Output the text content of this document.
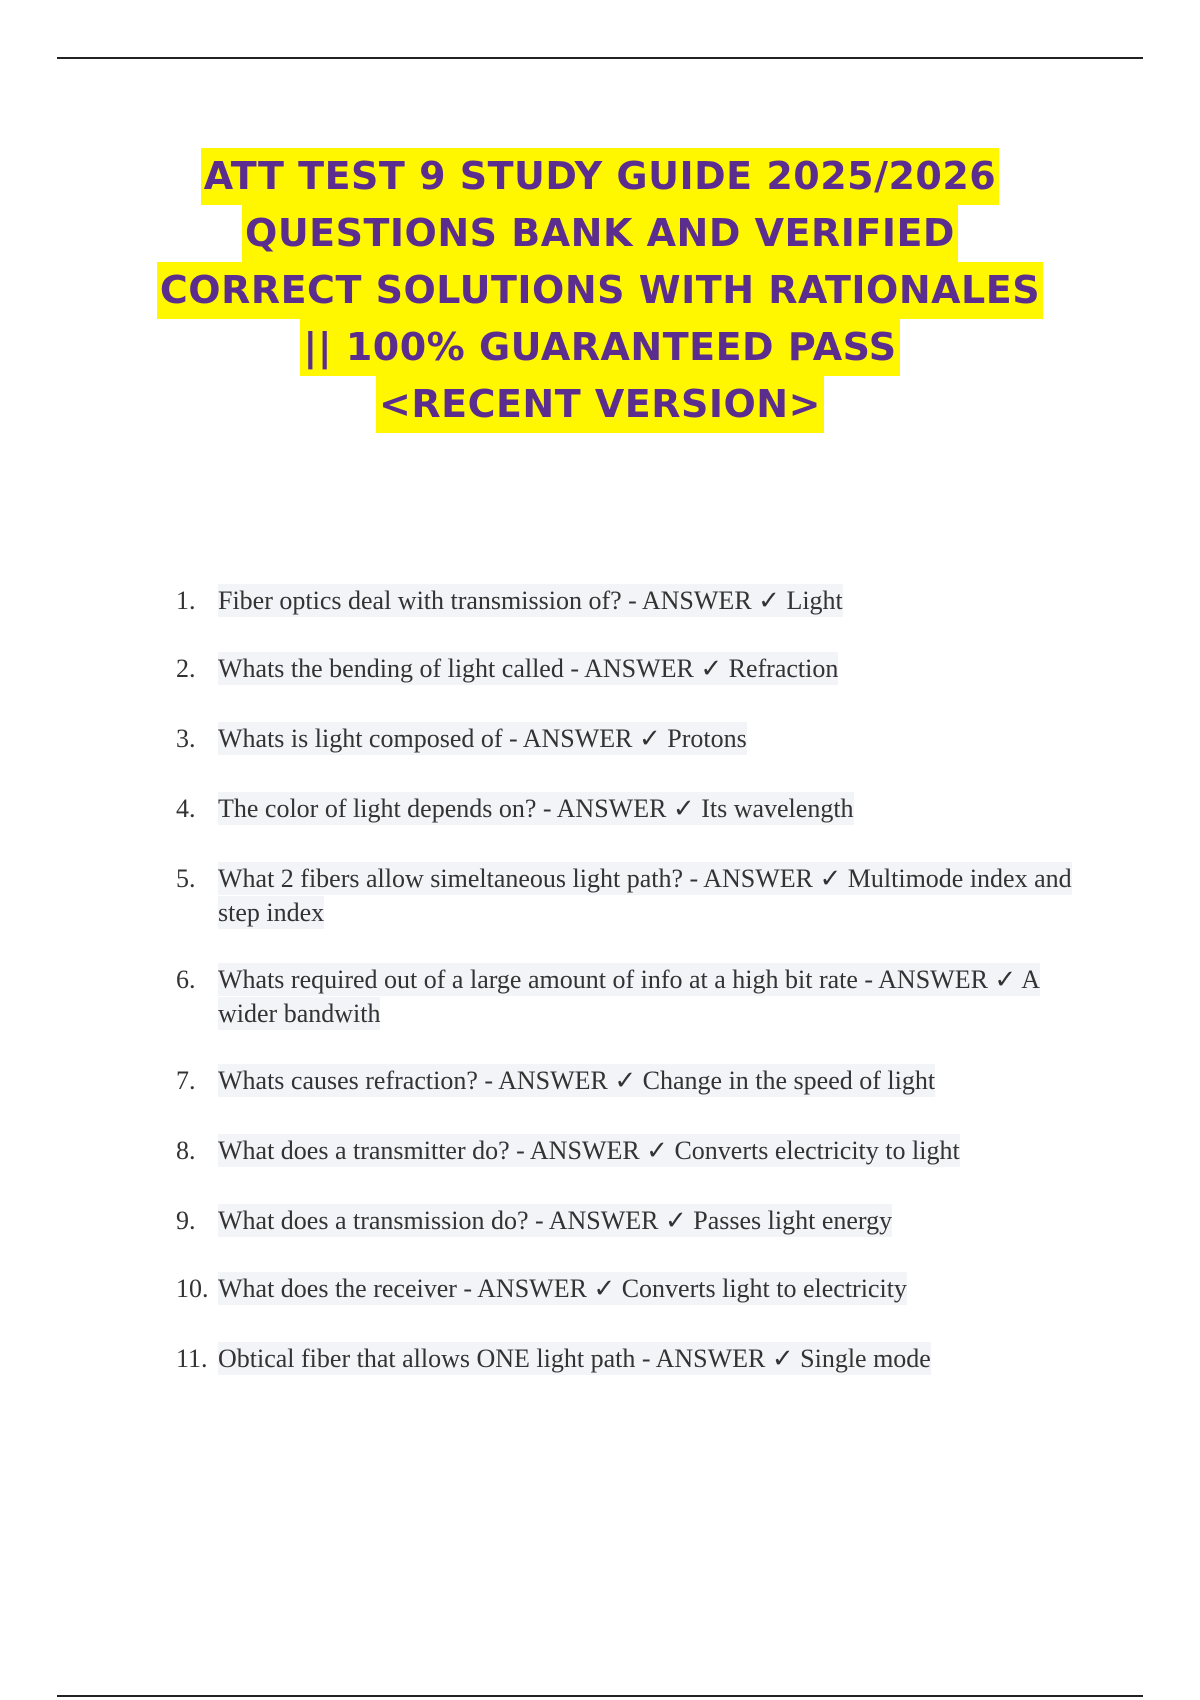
ATT TEST 9 STUDY GUIDE 2025/2026
QUESTIONS BANK AND VERIFIED
CORRECT SOLUTIONS WITH RATIONALES
|| 100% GUARANTEED PASS
<RECENT VERSION>
1. Fiber optics deal with transmission of? - ANSWER ✓ Light
2. Whats the bending of light called - ANSWER ✓ Refraction
3. Whats is light composed of - ANSWER ✓ Protons
4. The color of light depends on? - ANSWER ✓ Its wavelength
5. What 2 fibers allow simeltaneous light path? - ANSWER ✓ Multimode index and step index
6. Whats required out of a large amount of info at a high bit rate - ANSWER ✓ A wider bandwith
7. Whats causes refraction? - ANSWER ✓ Change in the speed of light
8. What does a transmitter do? - ANSWER ✓ Converts electricity to light
9. What does a transmission do? - ANSWER ✓ Passes light energy
10. What does the receiver - ANSWER ✓ Converts light to electricity
11. Obtical fiber that allows ONE light path - ANSWER ✓ Single mode
